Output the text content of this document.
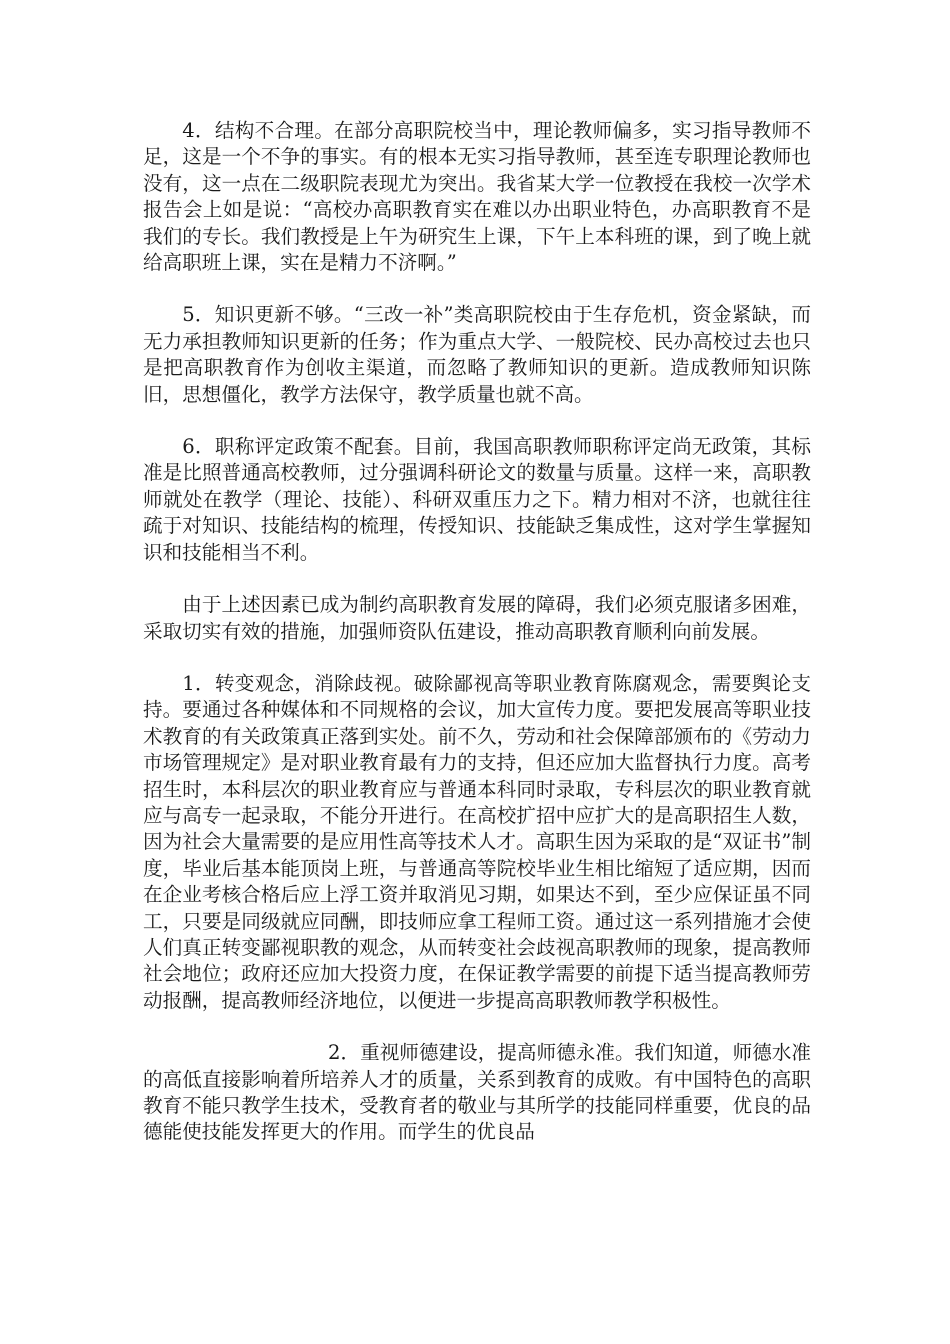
4．结构不合理。在部分高职院校当中，理论教师偏多，实习指导教师不足，这是一个不争的事实。有的根本无实习指导教师，甚至连专职理论教师也没有，这一点在二级职院表现尤为突出。我省某大学一位教授在我校一次学术报告会上如是说：“高校办高职教育实在难以办出职业特色，办高职教育不是我们的专长。我们教授是上午为研究生上课，下午上本科班的课，到了晚上就给高职班上课，实在是精力不济啊。”

5．知识更新不够。“三改一补”类高职院校由于生存危机，资金紧缺，而无力承担教师知识更新的任务；作为重点大学、一般院校、民办高校过去也只是把高职教育作为创收主渠道，而忽略了教师知识的更新。造成教师知识陈旧，思想僵化，教学方法保守，教学质量也就不高。

6．职称评定政策不配套。目前，我国高职教师职称评定尚无政策，其标准是比照普通高校教师，过分强调科研论文的数量与质量。这样一来，高职教师就处在教学（理论、技能）、科研双重压力之下。精力相对不济，也就往往疏于对知识、技能结构的梳理，传授知识、技能缺乏集成性，这对学生掌握知识和技能相当不利。

由于上述因素已成为制约高职教育发展的障碍，我们必须克服诸多困难，采取切实有效的措施，加强师资队伍建设，推动高职教育顺利向前发展。

1．转变观念，消除歧视。破除鄙视高等职业教育陈腐观念，需要舆论支持。要通过各种媒体和不同规格的会议，加大宣传力度。要把发展高等职业技术教育的有关政策真正落到实处。前不久，劳动和社会保障部颁布的《劳动力市场管理规定》是对职业教育最有力的支持，但还应加大监督执行力度。高考招生时，本科层次的职业教育应与普通本科同时录取，专科层次的职业教育就应与高专一起录取，不能分开进行。在高校扩招中应扩大的是高职招生人数，因为社会大量需要的是应用性高等技术人才。高职生因为采取的是“双证书”制度，毕业后基本能顶岗上班，与普通高等院校毕业生相比缩短了适应期，因而在企业考核合格后应上浮工资并取消见习期，如果达不到，至少应保证虽不同工，只要是同级就应同酬，即技师应拿工程师工资。通过这一系列措施才会使人们真正转变鄙视职教的观念，从而转变社会歧视高职教师的现象，提高教师社会地位；政府还应加大投资力度，在保证教学需要的前提下适当提高教师劳动报酬，提高教师经济地位，以便进一步提高高职教师教学积极性。

2．重视师德建设，提高师德永准。我们知道，师德水准的高低直接影响着所培养人才的质量，关系到教育的成败。有中国特色的高职教育不能只教学生技术，受教育者的敬业与其所学的技能同样重要，优良的品德能使技能发挥更大的作用。而学生的优良品
